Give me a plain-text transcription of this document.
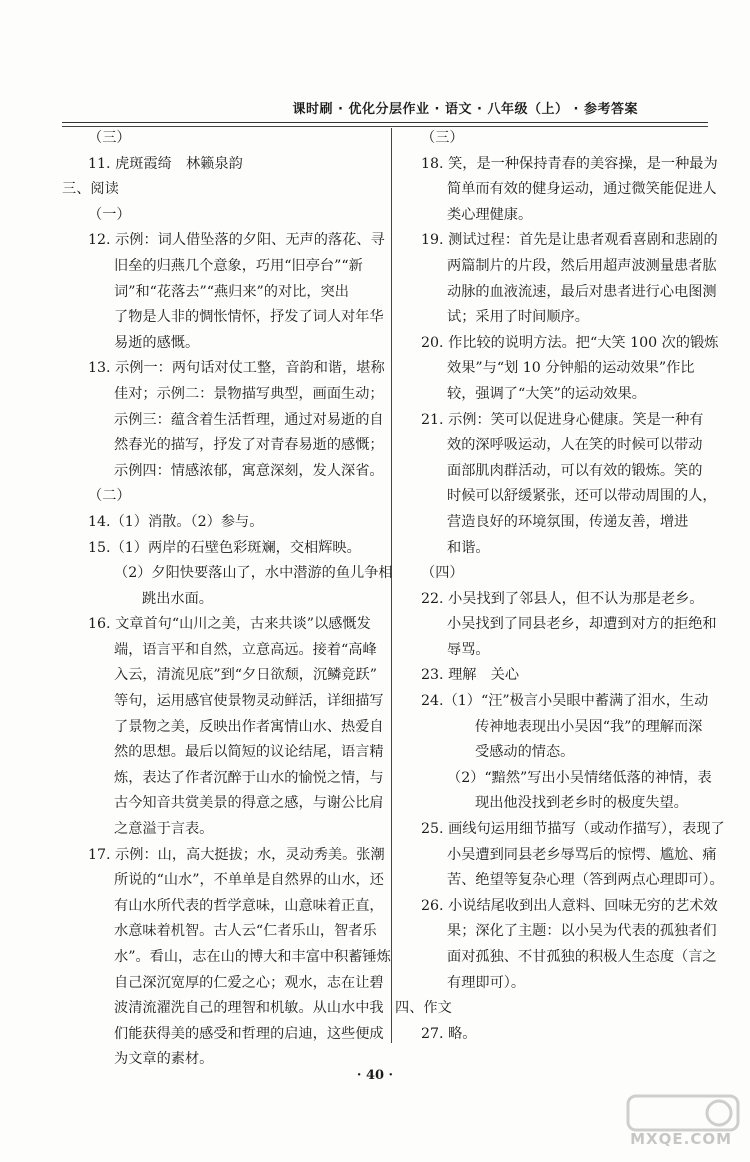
课时刷 · 优化分层作业 · 语文 · 八年级（上） · 参考答案
（三）
11. 虎斑霞绮　林籁泉韵
三、阅读
（一）
12. 示例：词人借坠落的夕阳、无声的落花、寻
旧垒的归燕几个意象，巧用“旧亭台”“新
词”和“花落去”“燕归来”的对比，突出
了物是人非的惆怅情怀，抒发了词人对年华
易逝的感慨。
13. 示例一：两句话对仗工整，音韵和谐，堪称
佳对；示例二：景物描写典型，画面生动；
示例三：蕴含着生活哲理，通过对易逝的自
然春光的描写，抒发了对青春易逝的感慨；
示例四：情感浓郁，寓意深刻，发人深省。
（二）
14.（1）消散。（2）参与。
15.（1）两岸的石壁色彩斑斓，交相辉映。
（2）夕阳快要落山了，水中潜游的鱼儿争相
跳出水面。
16. 文章首句“山川之美，古来共谈”以感慨发
端，语言平和自然，立意高远。接着“高峰
入云，清流见底”到“夕日欲颓，沉鳞竞跃”
等句，运用感官使景物灵动鲜活，详细描写
了景物之美，反映出作者寓情山水、热爱自
然的思想。最后以简短的议论结尾，语言精
炼，表达了作者沉醉于山水的愉悦之情，与
古今知音共赏美景的得意之感，与谢公比肩
之意溢于言表。
17. 示例：山，高大挺拔；水，灵动秀美。张潮
所说的“山水”，不单单是自然界的山水，还
有山水所代表的哲学意味，山意味着正直，
水意味着机智。古人云“仁者乐山，智者乐
水”。看山，志在山的博大和丰富中积蓄锤炼
自己深沉宽厚的仁爱之心；观水，志在让碧
波清流濯洗自己的理智和机敏。从山水中我
们能获得美的感受和哲理的启迪，这些便成
为文章的素材。
（三）
18. 笑，是一种保持青春的美容操，是一种最为
简单而有效的健身运动，通过微笑能促进人
类心理健康。
19. 测试过程：首先是让患者观看喜剧和悲剧的
两篇制片的片段，然后用超声波测量患者肱
动脉的血液流速，最后对患者进行心电图测
试；采用了时间顺序。
20. 作比较的说明方法。把“大笑 100 次的锻炼
效果”与“划 10 分钟船的运动效果”作比
较，强调了“大笑”的运动效果。
21. 示例：笑可以促进身心健康。笑是一种有
效的深呼吸运动，人在笑的时候可以带动
面部肌肉群活动，可以有效的锻炼。笑的
时候可以舒缓紧张，还可以带动周围的人，
营造良好的环境氛围，传递友善，增进
和谐。
（四）
22. 小吴找到了邻县人，但不认为那是老乡。
小吴找到了同县老乡，却遭到对方的拒绝和
辱骂。
23. 理解　关心
24.（1）“汪”极言小吴眼中蓄满了泪水，生动
传神地表现出小吴因“我”的理解而深
受感动的情态。
（2）“黯然”写出小吴情绪低落的神情，表
现出他没找到老乡时的极度失望。
25. 画线句运用细节描写（或动作描写），表现了
小吴遭到同县老乡辱骂后的惊愕、尴尬、痛
苦、绝望等复杂心理（答到两点心理即可）。
26. 小说结尾收到出人意料、回味无穷的艺术效
果；深化了主题：以小吴为代表的孤独者们
面对孤独、不甘孤独的积极人生态度（言之
有理即可）。
四、作文
27. 略。
· 40 ·
MXQE.COM
